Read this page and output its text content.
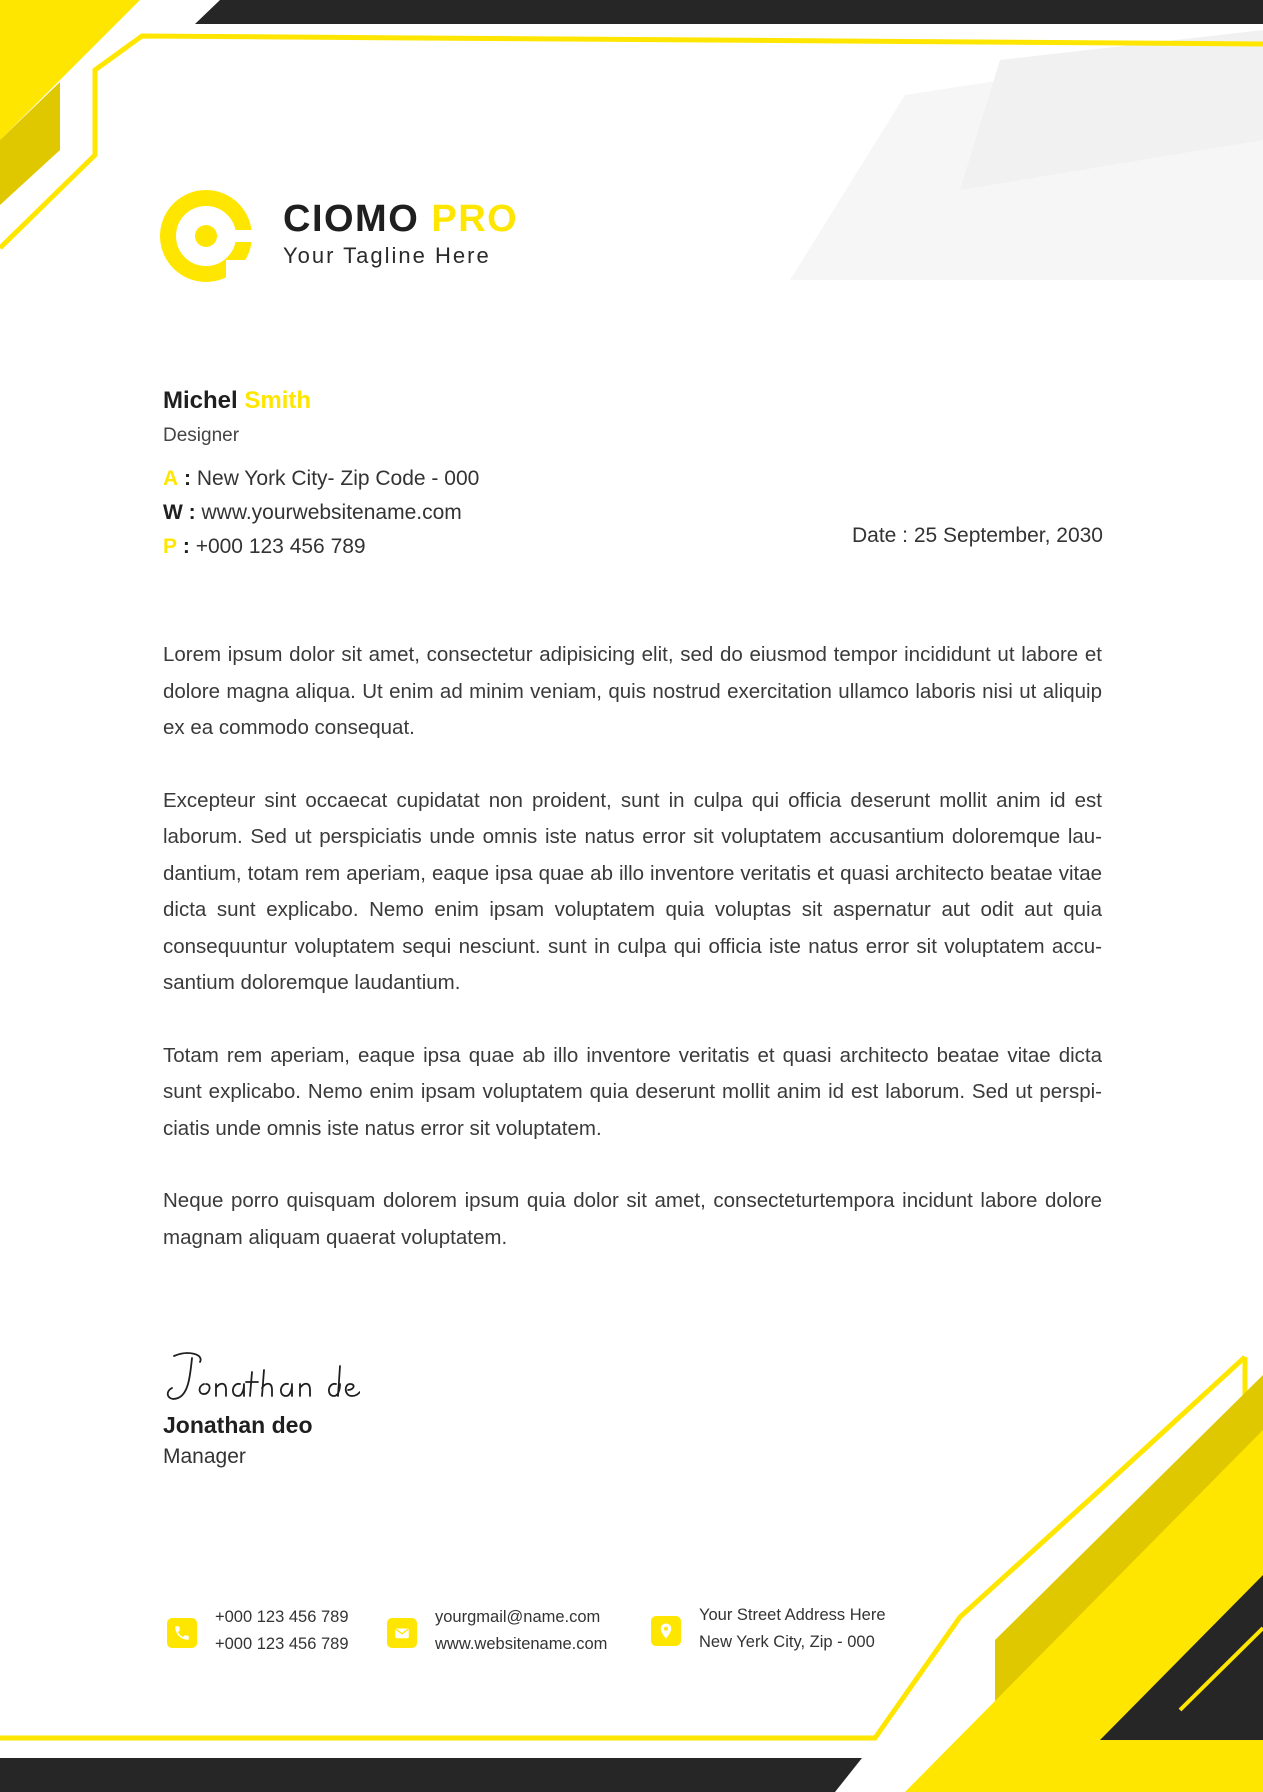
CIOMO PRO
Your Tagline Here
Michel Smith
Designer
A : New York City- Zip Code - 000
W : www.yourwebsitename.com
P : +000 123 456 789	Date : 25 September, 2030

Lorem ipsum dolor sit amet, consectetur adipisicing elit, sed do eiusmod tempor incididunt ut labore et dolore magna aliqua. Ut enim ad minim veniam, quis nostrud exercitation ullamco laboris nisi ut aliquip ex ea commodo consequat.

Excepteur sint occaecat cupidatat non proident, sunt in culpa qui officia deserunt mollit anim id est laborum. Sed ut perspiciatis unde omnis iste natus error sit voluptatem accusantium doloremque lau-dantium, totam rem aperiam, eaque ipsa quae ab illo inventore veritatis et quasi architecto beatae vitae dicta sunt explicabo. Nemo enim ipsam voluptatem quia voluptas sit aspernatur aut odit aut quia consequuntur voluptatem sequi nesciunt. sunt in culpa qui officia iste natus error sit voluptatem accu-santium doloremque laudantium.

Totam rem aperiam, eaque ipsa quae ab illo inventore veritatis et quasi architecto beatae vitae dicta sunt explicabo. Nemo enim ipsam voluptatem quia deserunt mollit anim id est laborum. Sed ut perspi-ciatis unde omnis iste natus error sit voluptatem.

Neque porro quisquam dolorem ipsum quia dolor sit amet, consecteturtempora incidunt labore dolore magnam aliquam quaerat voluptatem.

Jonathan deo
Manager
+000 123 456 789
+000 123 456 789
yourgmail@name.com
www.websitename.com
Your Street Address Here
New Yerk City, Zip - 000
